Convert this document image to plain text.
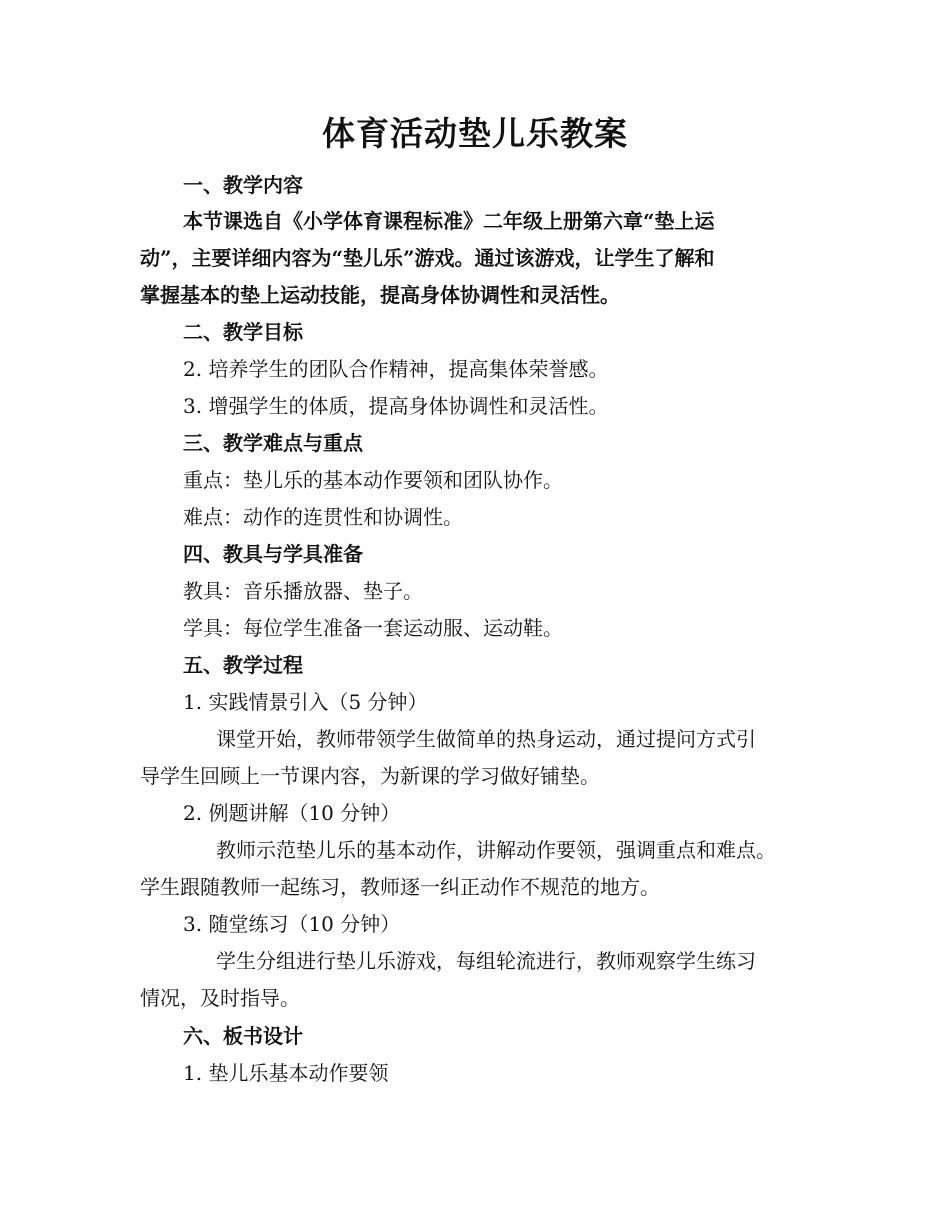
体育活动垫儿乐教案
一、教学内容
本节课选自《小学体育课程标准》二年级上册第六章“垫上运
动”，主要详细内容为“垫儿乐”游戏。通过该游戏，让学生了解和
掌握基本的垫上运动技能，提高身体协调性和灵活性。
二、教学目标
2. 培养学生的团队合作精神，提高集体荣誉感。
3. 增强学生的体质，提高身体协调性和灵活性。
三、教学难点与重点
重点：垫儿乐的基本动作要领和团队协作。
难点：动作的连贯性和协调性。
四、教具与学具准备
教具：音乐播放器、垫子。
学具：每位学生准备一套运动服、运动鞋。
五、教学过程
1. 实践情景引入（5 分钟）
课堂开始，教师带领学生做简单的热身运动，通过提问方式引
导学生回顾上一节课内容，为新课的学习做好铺垫。
2. 例题讲解（10 分钟）
教师示范垫儿乐的基本动作，讲解动作要领，强调重点和难点。
学生跟随教师一起练习，教师逐一纠正动作不规范的地方。
3. 随堂练习（10 分钟）
学生分组进行垫儿乐游戏，每组轮流进行，教师观察学生练习
情况，及时指导。
六、板书设计
1. 垫儿乐基本动作要领
